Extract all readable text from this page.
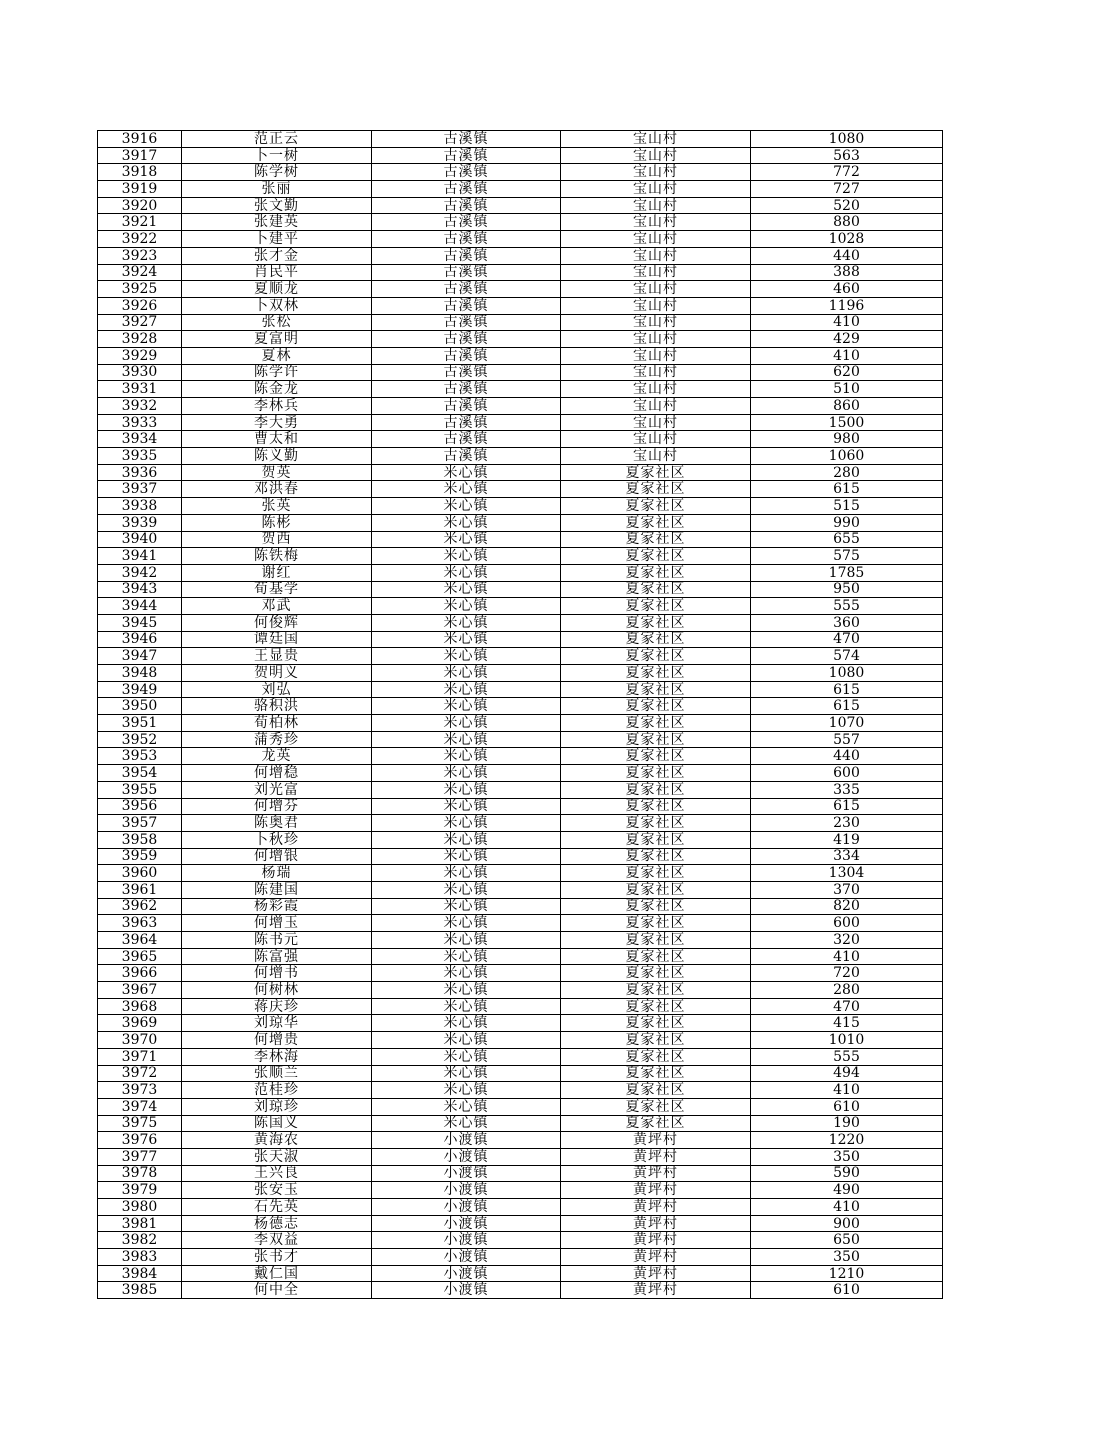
3916	范正云	古溪镇	宝山村	1080
3917	卜一树	古溪镇	宝山村	563
3918	陈学树	古溪镇	宝山村	772
3919	张丽	古溪镇	宝山村	727
3920	张文勤	古溪镇	宝山村	520
3921	张建英	古溪镇	宝山村	880
3922	卜建平	古溪镇	宝山村	1028
3923	张才金	古溪镇	宝山村	440
3924	肖民平	古溪镇	宝山村	388
3925	夏顺龙	古溪镇	宝山村	460
3926	卜双林	古溪镇	宝山村	1196
3927	张松	古溪镇	宝山村	410
3928	夏富明	古溪镇	宝山村	429
3929	夏林	古溪镇	宝山村	410
3930	陈学许	古溪镇	宝山村	620
3931	陈金龙	古溪镇	宝山村	510
3932	李林兵	古溪镇	宝山村	860
3933	李大勇	古溪镇	宝山村	1500
3934	曹太和	古溪镇	宝山村	980
3935	陈义勤	古溪镇	宝山村	1060
3936	贺英	米心镇	夏家社区	280
3937	邓洪春	米心镇	夏家社区	615
3938	张英	米心镇	夏家社区	515
3939	陈彬	米心镇	夏家社区	990
3940	贺西	米心镇	夏家社区	655
3941	陈铁梅	米心镇	夏家社区	575
3942	谢红	米心镇	夏家社区	1785
3943	荀基学	米心镇	夏家社区	950
3944	邓武	米心镇	夏家社区	555
3945	何俊辉	米心镇	夏家社区	360
3946	谭廷国	米心镇	夏家社区	470
3947	王显贵	米心镇	夏家社区	574
3948	贺明义	米心镇	夏家社区	1080
3949	刘弘	米心镇	夏家社区	615
3950	骆积洪	米心镇	夏家社区	615
3951	荀柏林	米心镇	夏家社区	1070
3952	蒲秀珍	米心镇	夏家社区	557
3953	龙英	米心镇	夏家社区	440
3954	何增稳	米心镇	夏家社区	600
3955	刘光富	米心镇	夏家社区	335
3956	何增芬	米心镇	夏家社区	615
3957	陈奥君	米心镇	夏家社区	230
3958	卜秋珍	米心镇	夏家社区	419
3959	何增银	米心镇	夏家社区	334
3960	杨瑞	米心镇	夏家社区	1304
3961	陈建国	米心镇	夏家社区	370
3962	杨彩霞	米心镇	夏家社区	820
3963	何增玉	米心镇	夏家社区	600
3964	陈书元	米心镇	夏家社区	320
3965	陈富强	米心镇	夏家社区	410
3966	何增书	米心镇	夏家社区	720
3967	何树林	米心镇	夏家社区	280
3968	蒋庆珍	米心镇	夏家社区	470
3969	刘琼华	米心镇	夏家社区	415
3970	何增贵	米心镇	夏家社区	1010
3971	李林海	米心镇	夏家社区	555
3972	张顺兰	米心镇	夏家社区	494
3973	范桂珍	米心镇	夏家社区	410
3974	刘琼珍	米心镇	夏家社区	610
3975	陈国义	米心镇	夏家社区	190
3976	黄海农	小渡镇	黄坪村	1220
3977	张天淑	小渡镇	黄坪村	350
3978	王兴良	小渡镇	黄坪村	590
3979	张安玉	小渡镇	黄坪村	490
3980	石先英	小渡镇	黄坪村	410
3981	杨德志	小渡镇	黄坪村	900
3982	李双益	小渡镇	黄坪村	650
3983	张书才	小渡镇	黄坪村	350
3984	戴仁国	小渡镇	黄坪村	1210
3985	何中全	小渡镇	黄坪村	610
